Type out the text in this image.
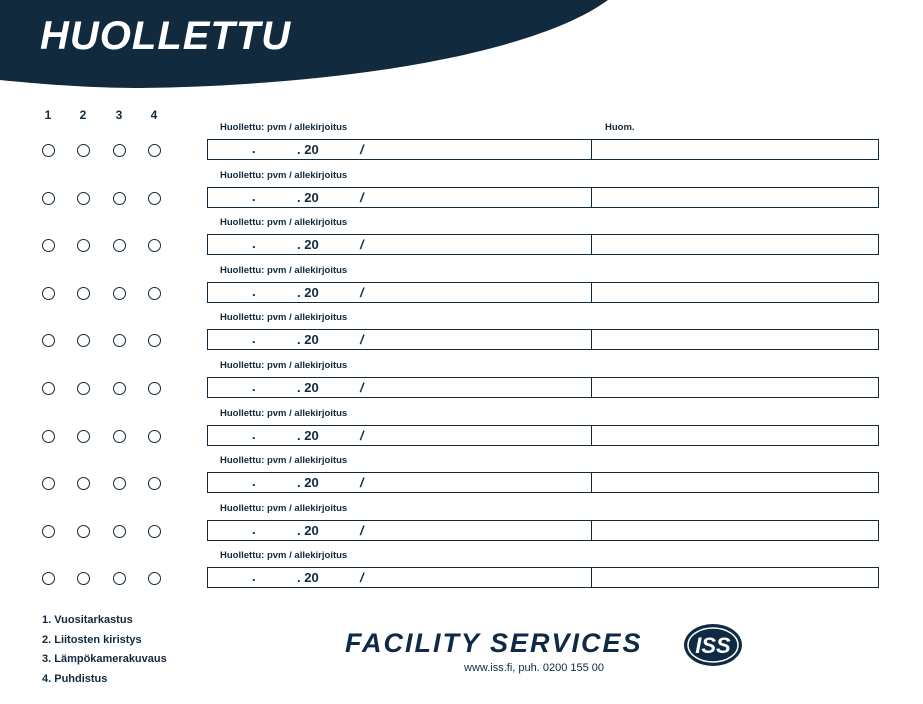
HUOLLETTU
1	2	3	4
Huollettu: pvm / allekirjoitus	Huom.
.	. 20	/
Huollettu: pvm / allekirjoitus
.	. 20	/
Huollettu: pvm / allekirjoitus
.	. 20	/
Huollettu: pvm / allekirjoitus
.	. 20	/
Huollettu: pvm / allekirjoitus
.	. 20	/
Huollettu: pvm / allekirjoitus
.	. 20	/
Huollettu: pvm / allekirjoitus
.	. 20	/
Huollettu: pvm / allekirjoitus
.	. 20	/
Huollettu: pvm / allekirjoitus
.	. 20	/
Huollettu: pvm / allekirjoitus
.	. 20	/
1. Vuositarkastus
2. Liitosten kiristys
3. Lämpökamerakuvaus
4. Puhdistus
FACILITY SERVICES ISS
www.iss.fi, puh. 0200 155 00
